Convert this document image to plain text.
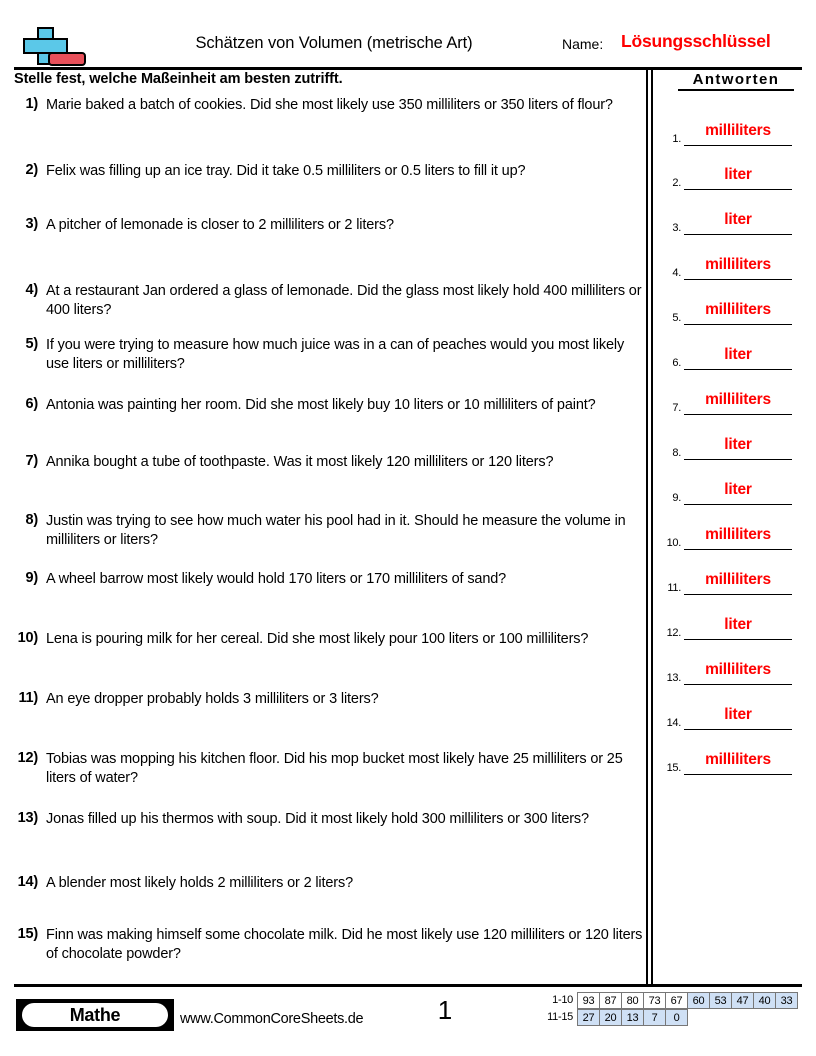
Schätzen von Volumen (metrische Art)	Name: Lösungsschlüssel
Stelle fest, welche Maßeinheit am besten zutrifft.	Antworten
1) Marie baked a batch of cookies. Did she most likely use 350 milliliters or 350 liters of flour?
2) Felix was filling up an ice tray. Did it take 0.5 milliliters or 0.5 liters to fill it up?
3) A pitcher of lemonade is closer to 2 milliliters or 2 liters?
4) At a restaurant Jan ordered a glass of lemonade. Did the glass most likely hold 400 milliliters or 400 liters?
5) If you were trying to measure how much juice was in a can of peaches would you most likely use liters or milliliters?
6) Antonia was painting her room. Did she most likely buy 10 liters or 10 milliliters of paint?
7) Annika bought a tube of toothpaste. Was it most likely 120 milliliters or 120 liters?
8) Justin was trying to see how much water his pool had in it. Should he measure the volume in milliliters or liters?
9) A wheel barrow most likely would hold 170 liters or 170 milliliters of sand?
10) Lena is pouring milk for her cereal. Did she most likely pour 100 liters or 100 milliliters?
11) An eye dropper probably holds 3 milliliters or 3 liters?
12) Tobias was mopping his kitchen floor. Did his mop bucket most likely have 25 milliliters or 25 liters of water?
13) Jonas filled up his thermos with soup. Did it most likely hold 300 milliliters or 300 liters?
14) A blender most likely holds 2 milliliters or 2 liters?
15) Finn was making himself some chocolate milk. Did he most likely use 120 milliliters or 120 liters of chocolate powder?
1.	milliliters
2.	liter
3.	liter
4.	milliliters
5.	milliliters
6.	liter
7.	milliliters
8.	liter
9.	liter
10.	milliliters
11.	milliliters
12.	liter
13.	milliliters
14.	liter
15.	milliliters
Mathe	www.CommonCoreSheets.de	1	1-10 93 87 80 73 67 60 53 47 40 33
11-15 27 20 13	7	0
